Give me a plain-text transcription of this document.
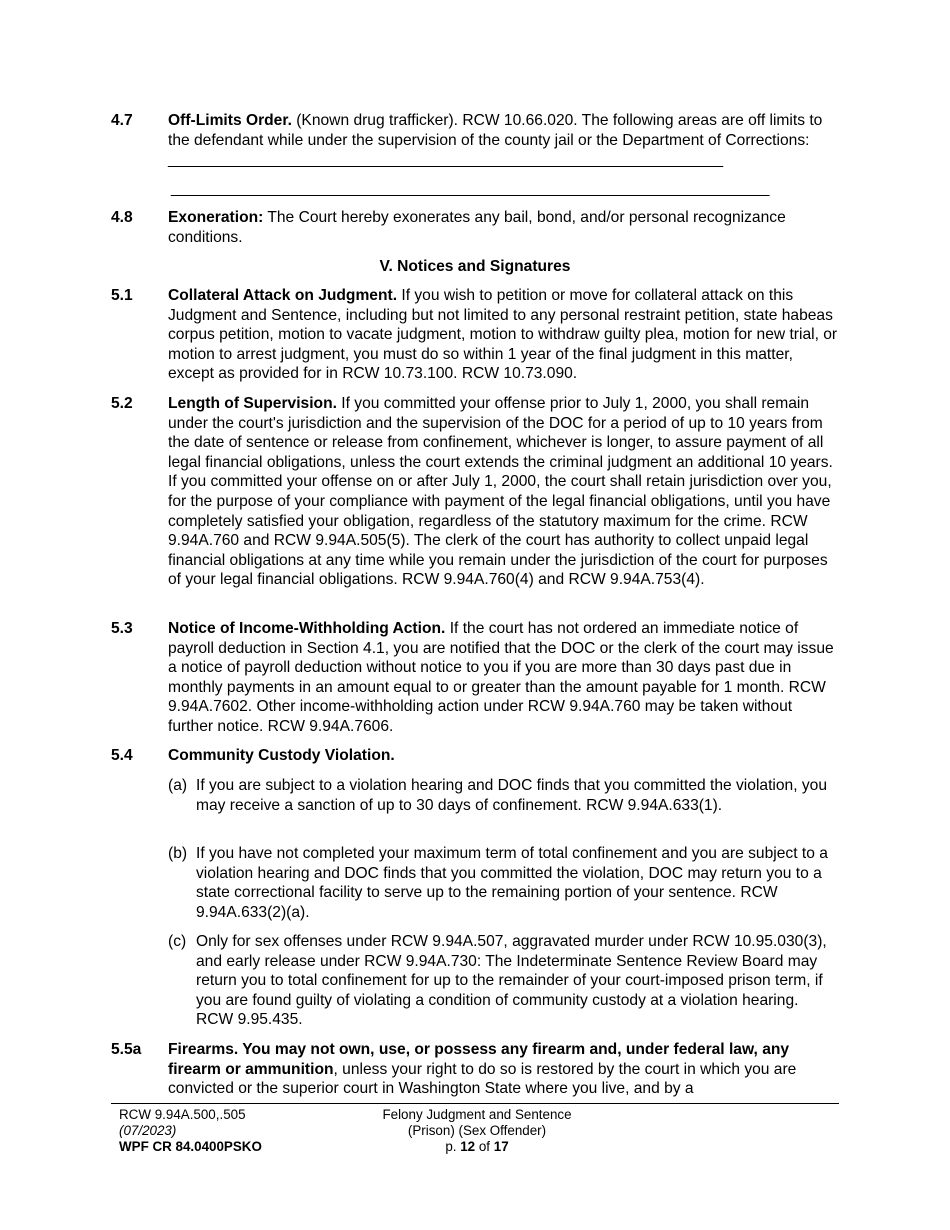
4.7 Off-Limits Order. (Known drug trafficker). RCW 10.66.020. The following areas are off limits to the defendant while under the supervision of the county jail or the Department of Corrections: ________________________________________________________________
_____________________________________________________________________
4.8 Exoneration: The Court hereby exonerates any bail, bond, and/or personal recognizance conditions.
V. Notices and Signatures
5.1 Collateral Attack on Judgment. If you wish to petition or move for collateral attack on this Judgment and Sentence, including but not limited to any personal restraint petition, state habeas corpus petition, motion to vacate judgment, motion to withdraw guilty plea, motion for new trial, or motion to arrest judgment, you must do so within 1 year of the final judgment in this matter, except as provided for in RCW 10.73.100. RCW 10.73.090.
5.2 Length of Supervision. If you committed your offense prior to July 1, 2000, you shall remain under the court's jurisdiction and the supervision of the DOC for a period of up to 10 years from the date of sentence or release from confinement, whichever is longer, to assure payment of all legal financial obligations, unless the court extends the criminal judgment an additional 10 years. If you committed your offense on or after July 1, 2000, the court shall retain jurisdiction over you, for the purpose of your compliance with payment of the legal financial obligations, until you have completely satisfied your obligation, regardless of the statutory maximum for the crime. RCW 9.94A.760 and RCW 9.94A.505(5). The clerk of the court has authority to collect unpaid legal financial obligations at any time while you remain under the jurisdiction of the court for purposes of your legal financial obligations. RCW 9.94A.760(4) and RCW 9.94A.753(4).
5.3 Notice of Income-Withholding Action. If the court has not ordered an immediate notice of payroll deduction in Section 4.1, you are notified that the DOC or the clerk of the court may issue a notice of payroll deduction without notice to you if you are more than 30 days past due in monthly payments in an amount equal to or greater than the amount payable for 1 month. RCW 9.94A.7602. Other income-withholding action under RCW 9.94A.760 may be taken without further notice. RCW 9.94A.7606.
5.4 Community Custody Violation.
(a) If you are subject to a violation hearing and DOC finds that you committed the violation, you may receive a sanction of up to 30 days of confinement. RCW 9.94A.633(1).
(b) If you have not completed your maximum term of total confinement and you are subject to a violation hearing and DOC finds that you committed the violation, DOC may return you to a state correctional facility to serve up to the remaining portion of your sentence. RCW 9.94A.633(2)(a).
(c) Only for sex offenses under RCW 9.94A.507, aggravated murder under RCW 10.95.030(3), and early release under RCW 9.94A.730: The Indeterminate Sentence Review Board may return you to total confinement for up to the remainder of your court-imposed prison term, if you are found guilty of violating a condition of community custody at a violation hearing. RCW 9.95.435.
5.5a Firearms. You may not own, use, or possess any firearm and, under federal law, any firearm or ammunition, unless your right to do so is restored by the court in which you are convicted or the superior court in Washington State where you live, and by a
RCW 9.94A.500,.505
(07/2023)
WPF CR 84.0400PSKO
Felony Judgment and Sentence
(Prison) (Sex Offender)
p. 12 of 17
